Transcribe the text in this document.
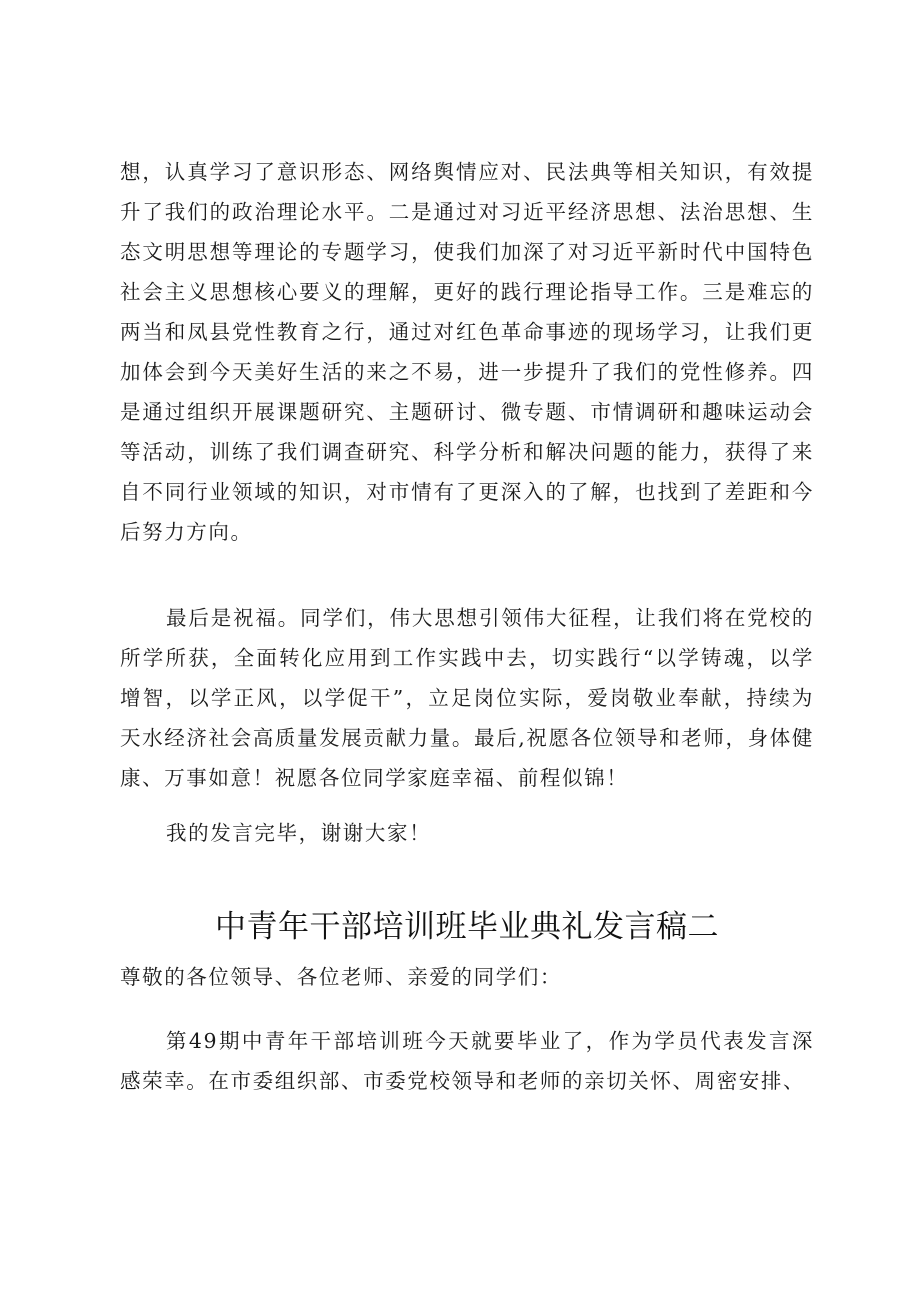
想，认真学习了意识形态、网络舆情应对、民法典等相关知识，有效提升了我们的政治理论水平。二是通过对习近平经济思想、法治思想、生态文明思想等理论的专题学习，使我们加深了对习近平新时代中国特色社会主义思想核心要义的理解，更好的践行理论指导工作。三是难忘的两当和凤县党性教育之行，通过对红色革命事迹的现场学习，让我们更加体会到今天美好生活的来之不易，进一步提升了我们的党性修养。四是通过组织开展课题研究、主题研讨、微专题、市情调研和趣味运动会等活动，训练了我们调查研究、科学分析和解决问题的能力，获得了来自不同行业领域的知识，对市情有了更深入的了解，也找到了差距和今后努力方向。

最后是祝福。同学们，伟大思想引领伟大征程，让我们将在党校的所学所获，全面转化应用到工作实践中去，切实践行“以学铸魂，以学增智，以学正风，以学促干”，立足岗位实际，爱岗敬业奉献，持续为天水经济社会高质量发展贡献力量。最后,祝愿各位领导和老师，身体健康、万事如意！祝愿各位同学家庭幸福、前程似锦！

我的发言完毕，谢谢大家！

中青年干部培训班毕业典礼发言稿二

尊敬的各位领导、各位老师、亲爱的同学们：

第49期中青年干部培训班今天就要毕业了，作为学员代表发言深感荣幸。在市委组织部、市委党校领导和老师的亲切关怀、周密安排、
